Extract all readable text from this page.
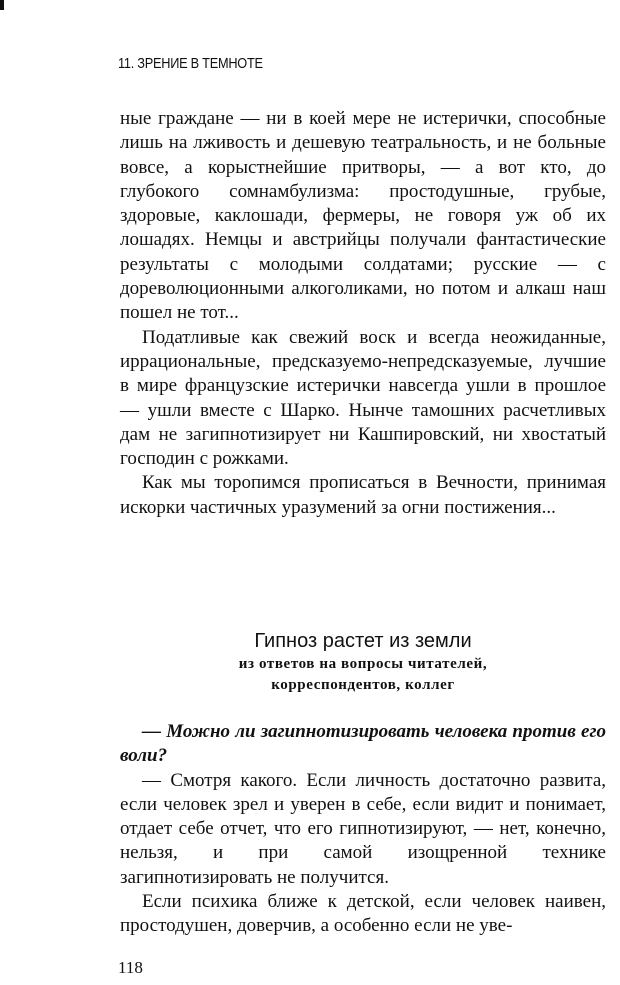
11. ЗРЕНИЕ В ТЕМНОТЕ

ные граждане — ни в коей мере не истерички, способные лишь на лживость и дешевую театральность, и не больные вовсе, а корыстнейшие притворы, — а вот кто, до глубокого сомнамбулизма: простодушные, грубые, здоровые, каклошади, фермеры, не говоря уж об их лошадях. Немцы и австрийцы получали фантастические результаты с молодыми солдатами; русские — с дореволюционными алкоголиками, но потом и алкаш наш пошел не тот...

Податливые как свежий воск и всегда неожиданные, иррациональные, предсказуемо-непредсказуемые, лучшие в мире французские истерички навсегда ушли в прошлое — ушли вместе с Шарко. Нынче тамошних расчетливых дам не загипнотизирует ни Кашпировский, ни хвостатый господин с рожками.

Как мы торопимся прописаться в Вечности, принимая искорки частичных уразумений за огни постижения...

Гипноз растет из земли
из ответов на вопросы читателей,
корреспондентов, коллег

— Можно ли загипнотизировать человека против его воли?

— Смотря какого. Если личность достаточно развита, если человек зрел и уверен в себе, если видит и понимает, отдает себе отчет, что его гипнотизируют, — нет, конечно, нельзя, и при самой изощренной технике загипнотизировать не получится.

Если психика ближе к детской, если человек наивен, простодушен, доверчив, а особенно если не уве-

118
